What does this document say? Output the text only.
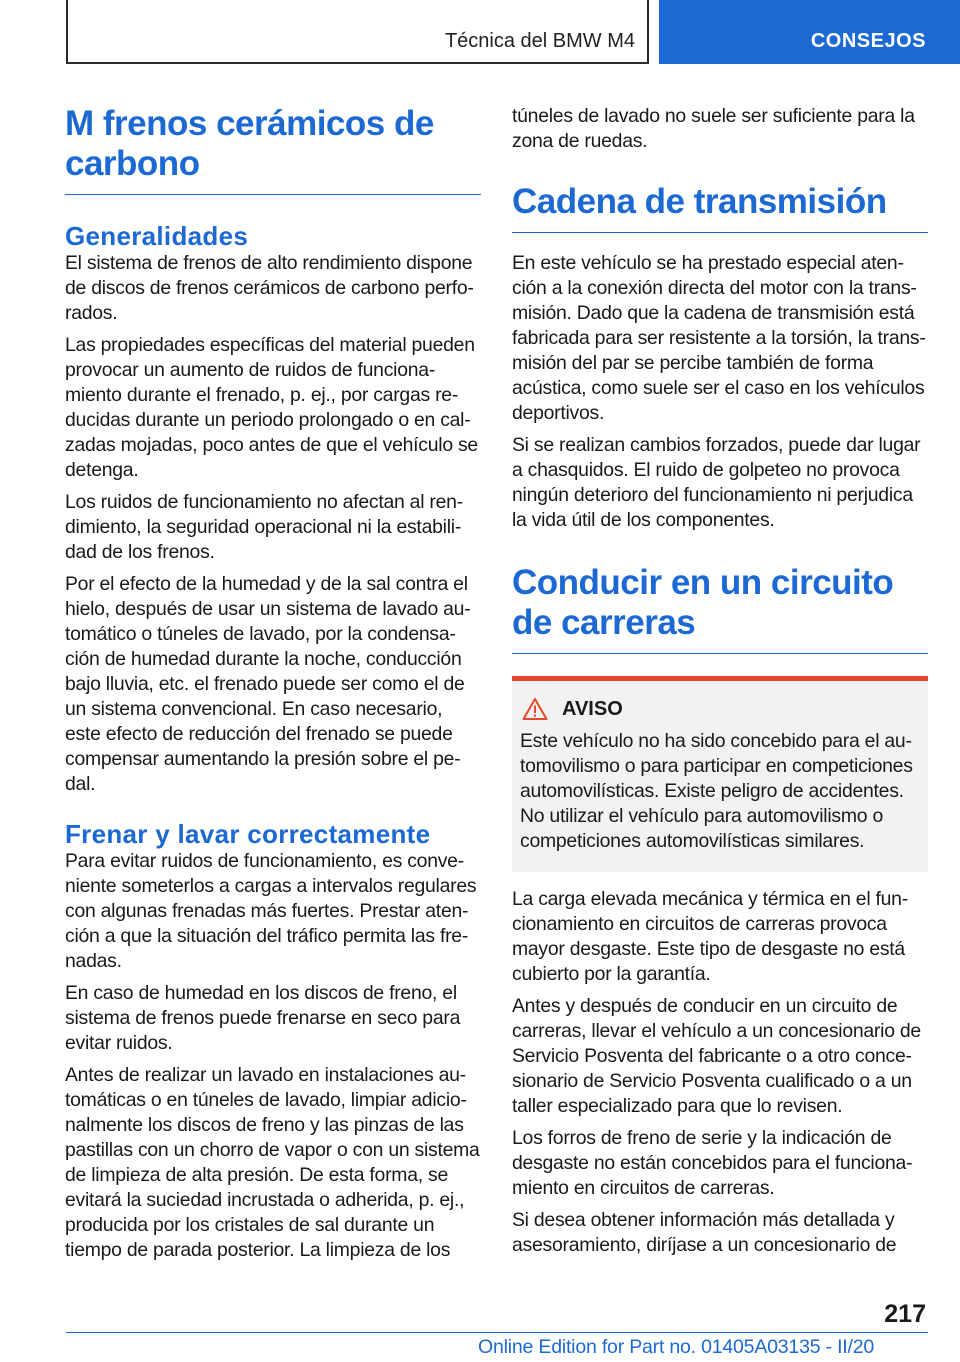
Técnica del BMW M4	CONSEJOS
M frenos cerámicos de carbono
Generalidades

El sistema de frenos de alto rendimiento dispone de discos de frenos cerámicos de carbono perforados.

Las propiedades específicas del material pueden provocar un aumento de ruidos de funcionamiento durante el frenado, p. ej., por cargas reducidas durante un periodo prolongado o en calzadas mojadas, poco antes de que el vehículo se detenga.

Los ruidos de funcionamiento no afectan al rendimiento, la seguridad operacional ni la estabilidad de los frenos.

Por el efecto de la humedad y de la sal contra el hielo, después de usar un sistema de lavado automático o túneles de lavado, por la condensación de humedad durante la noche, conducción bajo lluvia, etc. el frenado puede ser como el de un sistema convencional. En caso necesario, este efecto de reducción del frenado se puede compensar aumentando la presión sobre el pedal.

Frenar y lavar correctamente

Para evitar ruidos de funcionamiento, es conveniente someterlos a cargas a intervalos regulares con algunas frenadas más fuertes. Prestar atención a que la situación del tráfico permita las frenadas.

En caso de humedad en los discos de freno, el sistema de frenos puede frenarse en seco para evitar ruidos.

Antes de realizar un lavado en instalaciones automáticas o en túneles de lavado, limpiar adicionalmente los discos de freno y las pinzas de las pastillas con un chorro de vapor o con un sistema de limpieza de alta presión. De esta forma, se evitará la suciedad incrustada o adherida, p. ej., producida por los cristales de sal durante un tiempo de parada posterior. La limpieza de los

túneles de lavado no suele ser suficiente para la zona de ruedas.

Cadena de transmisión

En este vehículo se ha prestado especial atención a la conexión directa del motor con la transmisión. Dado que la cadena de transmisión está fabricada para ser resistente a la torsión, la transmisión del par se percibe también de forma acústica, como suele ser el caso en los vehículos deportivos.

Si se realizan cambios forzados, puede dar lugar a chasquidos. El ruido de golpeteo no provoca ningún deterioro del funcionamiento ni perjudica la vida útil de los componentes.

Conducir en un circuito de carreras
AVISO

Este vehículo no ha sido concebido para el automovilismo o para participar en competiciones automovilísticas. Existe peligro de accidentes. No utilizar el vehículo para automovilismo o competiciones automovilísticas similares.

La carga elevada mecánica y térmica en el funcionamiento en circuitos de carreras provoca mayor desgaste. Este tipo de desgaste no está cubierto por la garantía.

Antes y después de conducir en un circuito de carreras, llevar el vehículo a un concesionario de Servicio Posventa del fabricante o a otro concesionario de Servicio Posventa cualificado o a un taller especializado para que lo revisen.

Los forros de freno de serie y la indicación de desgaste no están concebidos para el funcionamiento en circuitos de carreras.

Si desea obtener información más detallada y asesoramiento, diríjase a un concesionario de

217
Online Edition for Part no. 01405A03135 - II/20
